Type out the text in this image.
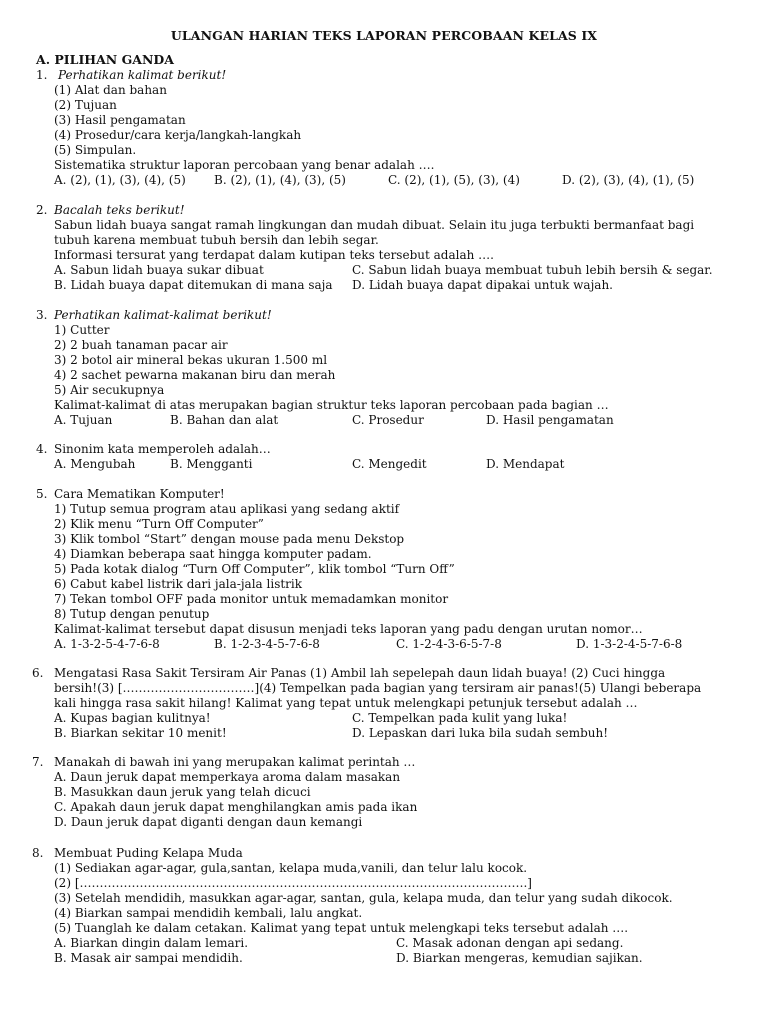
ULANGAN HARIAN TEKS LAPORAN PERCOBAAN KELAS IX
A. PILIHAN GANDA
1. Perhatikan kalimat berikut!
(1) Alat dan bahan
(2) Tujuan
(3) Hasil pengamatan
(4) Prosedur/cara kerja/langkah-langkah
(5) Simpulan.
Sistematika struktur laporan percobaan yang benar adalah ….
A. (2), (1), (3), (4), (5) B. (2), (1), (4), (3), (5)	C. (2), (1), (5), (3), (4)	D. (2), (3), (4), (1), (5)
2. Bacalah teks berikut!
Sabun lidah buaya sangat ramah lingkungan dan mudah dibuat. Selain itu juga terbukti bermanfaat bagi
tubuh karena membuat tubuh bersih dan lebih segar.
Informasi tersurat yang terdapat dalam kutipan teks tersebut adalah ….
A. Sabun lidah buaya sukar dibuat	C. Sabun lidah buaya membuat tubuh lebih bersih & segar.
B. Lidah buaya dapat ditemukan di mana saja D. Lidah buaya dapat dipakai untuk wajah.
3. Perhatikan kalimat-kalimat berikut!
1) Cutter
2) 2 buah tanaman pacar air
3) 2 botol air mineral bekas ukuran 1.500 ml
4) 2 sachet pewarna makanan biru dan merah
5) Air secukupnya
Kalimat-kalimat di atas merupakan bagian struktur teks laporan percobaan pada bagian …
A. Tujuan	B. Bahan dan alat	C. Prosedur	D. Hasil pengamatan
4. Sinonim kata memperoleh adalah…
A. Mengubah	B. Mengganti	C. Mengedit	D. Mendapat
5. Cara Mematikan Komputer!
1) Tutup semua program atau aplikasi yang sedang aktif
2) Klik menu “Turn Off Computer”
3) Klik tombol “Start” dengan mouse pada menu Dekstop
4) Diamkan beberapa saat hingga komputer padam.
5) Pada kotak dialog “Turn Off Computer”, klik tombol “Turn Off”
6) Cabut kabel listrik dari jala-jala listrik
7) Tekan tombol OFF pada monitor untuk memadamkan monitor
8) Tutup dengan penutup
Kalimat-kalimat tersebut dapat disusun menjadi teks laporan yang padu dengan urutan nomor…
A. 1-3-2-5-4-7-6-8	B. 1-2-3-4-5-7-6-8	C. 1-2-4-3-6-5-7-8	D. 1-3-2-4-5-7-6-8
6. Mengatasi Rasa Sakit Tersiram Air Panas (1) Ambil lah sepelepah daun lidah buaya! (2) Cuci hingga
bersih!(3) [……………………………](4) Tempelkan pada bagian yang tersiram air panas!(5) Ulangi beberapa
kali hingga rasa sakit hilang! Kalimat yang tepat untuk melengkapi petunjuk tersebut adalah …
A. Kupas bagian kulitnya!	C. Tempelkan pada kulit yang luka!
B. Biarkan sekitar 10 menit!	D. Lepaskan dari luka bila sudah sembuh!
7. Manakah di bawah ini yang merupakan kalimat perintah …
A. Daun jeruk dapat memperkaya aroma dalam masakan
B. Masukkan daun jeruk yang telah dicuci
C. Apakah daun jeruk dapat menghilangkan amis pada ikan
D. Daun jeruk dapat diganti dengan daun kemangi
8. Membuat Puding Kelapa Muda
(1) Sediakan agar-agar, gula,santan, kelapa muda,vanili, dan telur lalu kocok.
(2) [………………………………………………………………………………………………….]
(3) Setelah mendidih, masukkan agar-agar, santan, gula, kelapa muda, dan telur yang sudah dikocok.
(4) Biarkan sampai mendidih kembali, lalu angkat.
(5) Tuanglah ke dalam cetakan. Kalimat yang tepat untuk melengkapi teks tersebut adalah ….
A. Biarkan dingin dalam lemari.	C. Masak adonan dengan api sedang.
B. Masak air sampai mendidih.	D. Biarkan mengeras, kemudian sajikan.
